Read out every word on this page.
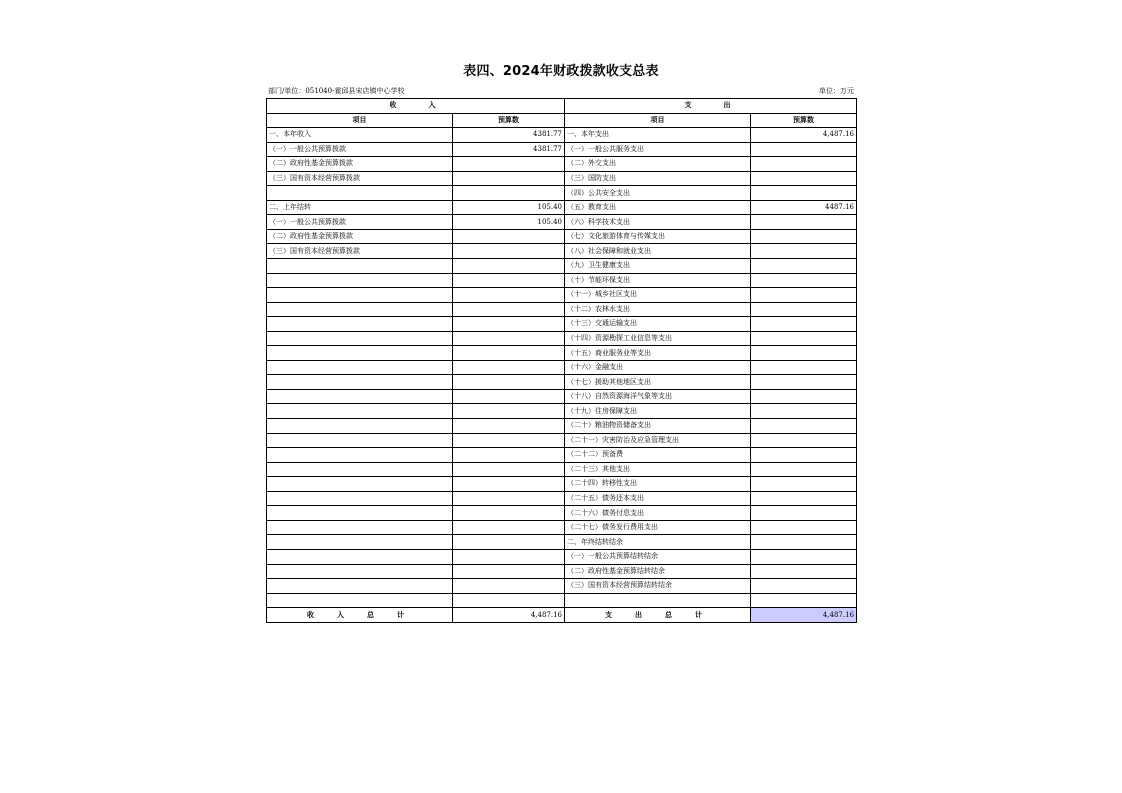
表四、2024年财政拨款收支总表
部门/单位：051040-霍邱县宋店镇中心学校	单位：万元
收　　入		支　　出	
项目	预算数	项目	预算数
一、本年收入	4381.77	一、本年支出	4,487.16
（一）一般公共预算拨款	4381.77	（一）一般公共服务支出	
（二）政府性基金预算拨款		（二）外交支出	
（三）国有资本经营预算拨款		（三）国防支出	
		（四）公共安全支出	
二、上年结转	105.40	（五）教育支出	4487.16
（一）一般公共预算拨款	105.40	（六）科学技术支出	
（二）政府性基金预算拨款		（七）文化旅游体育与传媒支出	
（三）国有资本经营预算拨款		（八）社会保障和就业支出	
		（九）卫生健康支出	
		（十）节能环保支出	
		（十一）城乡社区支出	
		（十二）农林水支出	
		（十三）交通运输支出	
		（十四）资源勘探工业信息等支出	
		（十五）商业服务业等支出	
		（十六）金融支出	
		（十七）援助其他地区支出	
		（十八）自然资源海洋气象等支出	
		（十九）住房保障支出	
		（二十）粮油物资储备支出	
		（二十一）灾害防治及应急管理支出	
		（二十二）预备费	
		（二十三）其他支出	
		（二十四）转移性支出	
		（二十五）债务还本支出	
		（二十六）债务付息支出	
		（二十七）债务发行费用支出	
		二、年终结转结余	
		（一）一般公共预算结转结余	
		（二）政府性基金预算结转结余	
		（三）国有资本经营预算结转结余	

收　入　总　计	4,487.16	支　出　总　计	4,487.16
